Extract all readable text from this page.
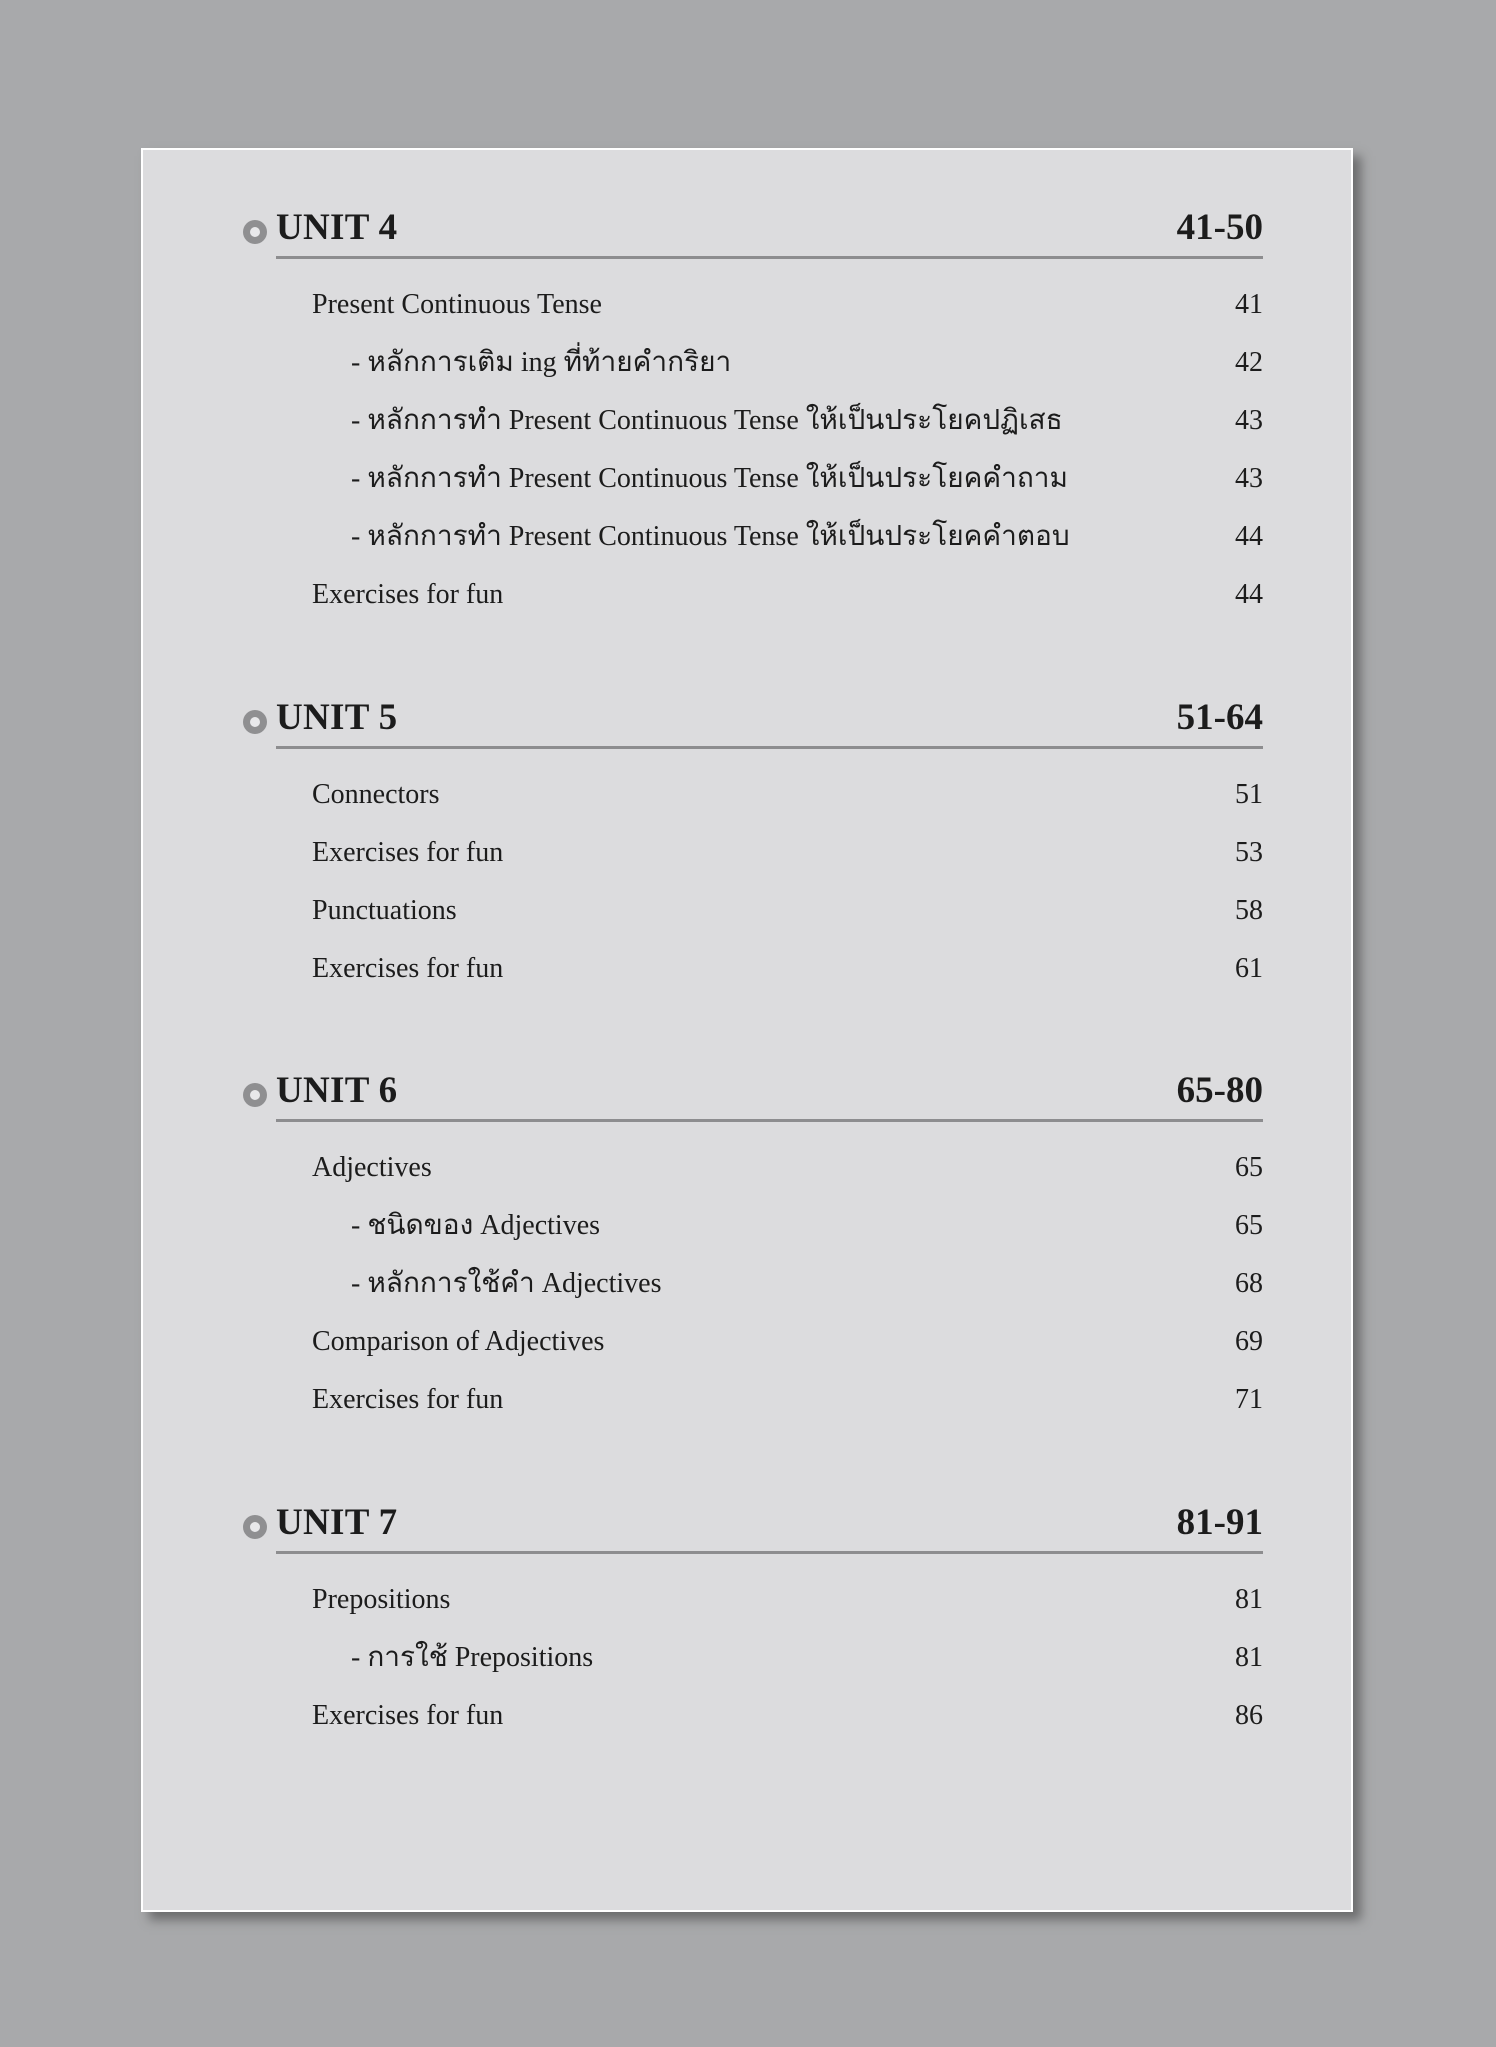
UNIT 4	41-50
Present Continuous Tense	41
- หลักการเติม ing ที่ท้ายคำกริยา	42
- หลักการทำ Present Continuous Tense ให้เป็นประโยคปฏิเสธ	43
- หลักการทำ Present Continuous Tense ให้เป็นประโยคคำถาม	43
- หลักการทำ Present Continuous Tense ให้เป็นประโยคคำตอบ	44
Exercises for fun	44
UNIT 5	51-64
Connectors	51
Exercises for fun	53
Punctuations	58
Exercises for fun	61
UNIT 6	65-80
Adjectives	65
- ชนิดของ Adjectives	65
- หลักการใช้คำ Adjectives	68
Comparison of Adjectives	69
Exercises for fun	71
UNIT 7	81-91
Prepositions	81
- การใช้ Prepositions	81
Exercises for fun	86
